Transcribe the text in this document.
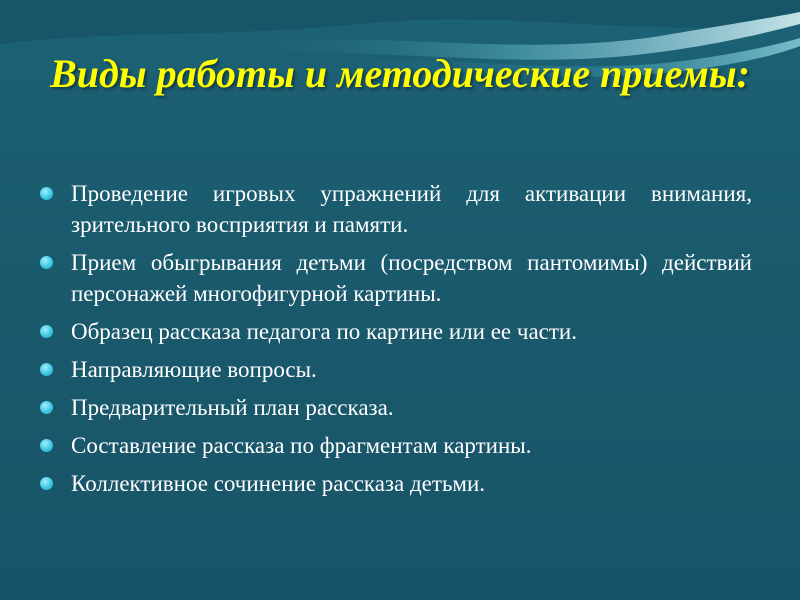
Виды работы и методические приемы:
Проведение игровых упражнений для активации внимания, зрительного восприятия и памяти.
Прием обыгрывания детьми (посредством пантомимы) действий персонажей многофигурной картины.
Образец рассказа педагога по картине или ее части.
Направляющие вопросы.
Предварительный план рассказа.
Составление рассказа по фрагментам картины.
Коллективное сочинение рассказа детьми.
